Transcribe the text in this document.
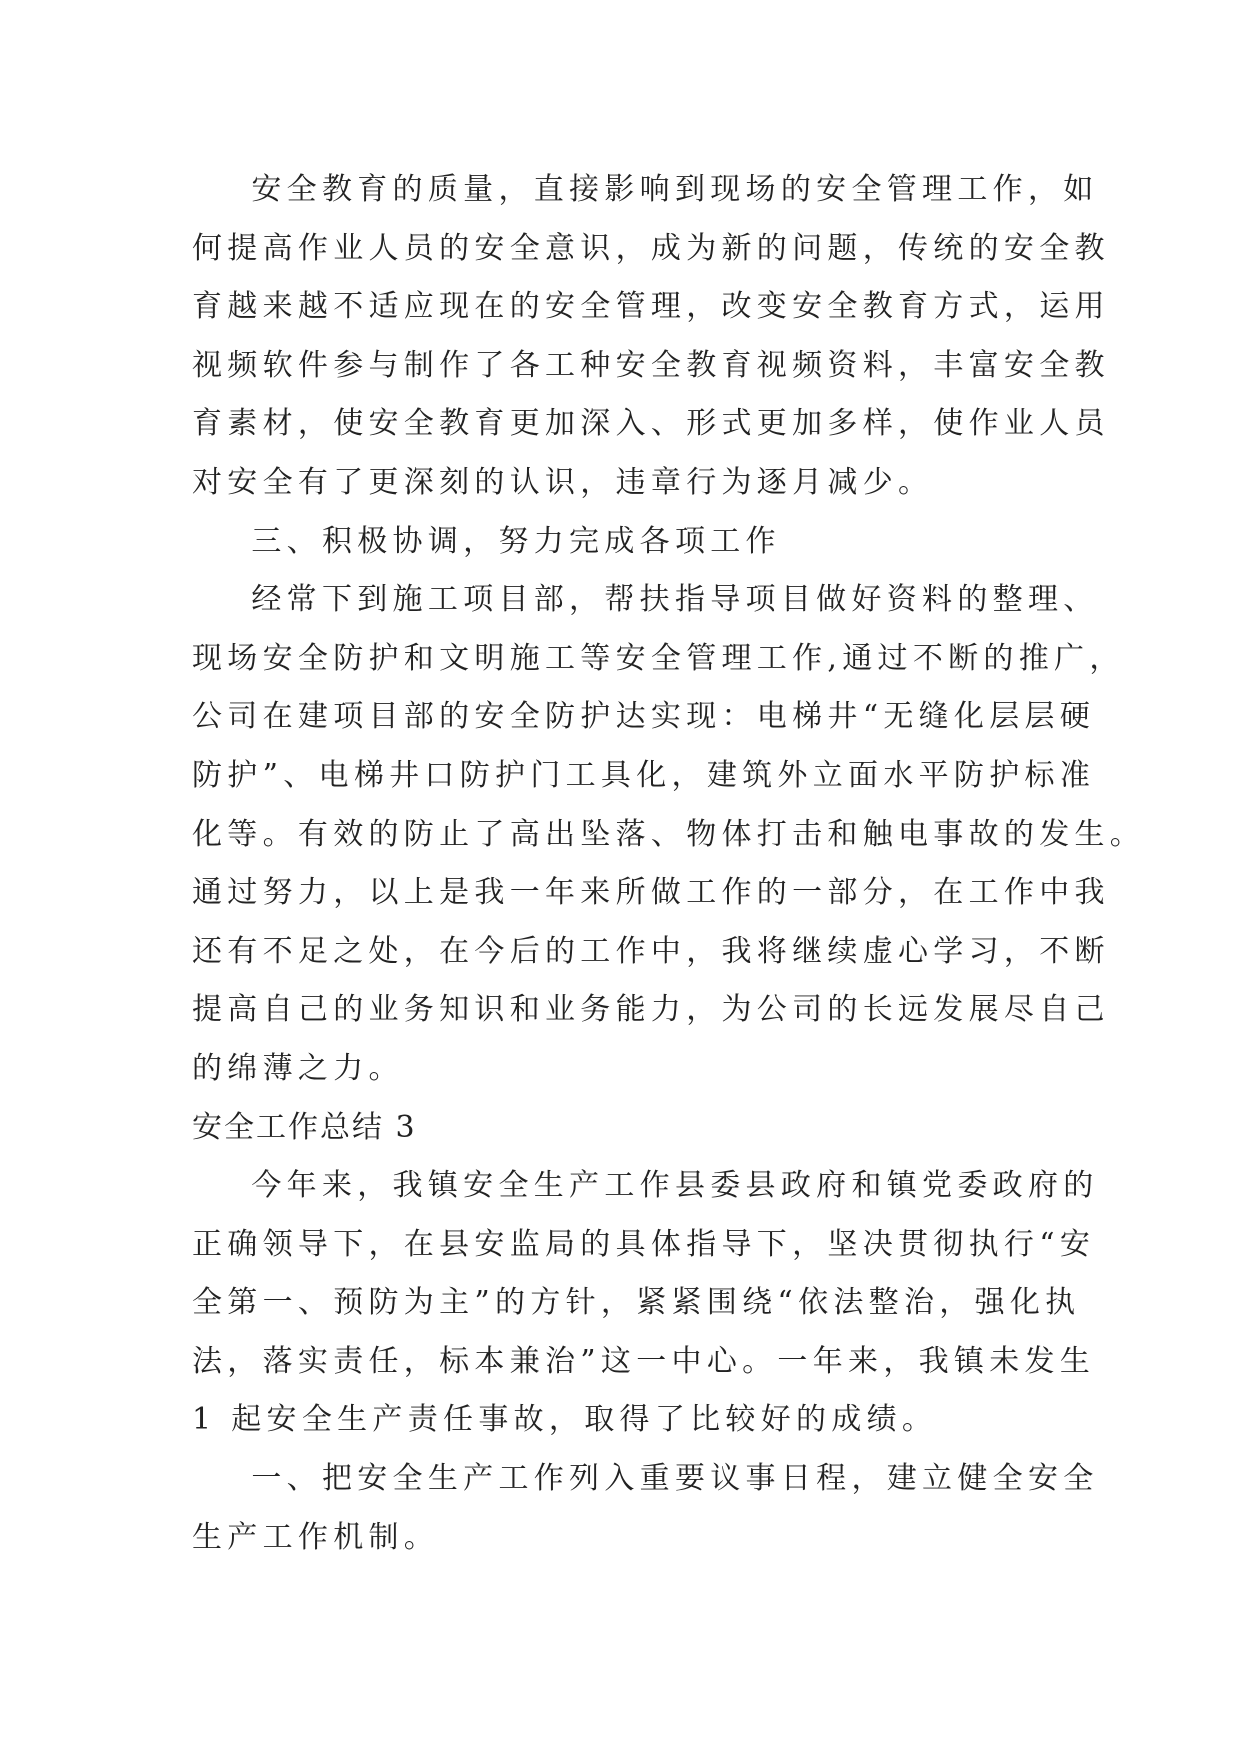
安全教育的质量，直接影响到现场的安全管理工作，如
何提高作业人员的安全意识，成为新的问题，传统的安全教
育越来越不适应现在的安全管理，改变安全教育方式，运用
视频软件参与制作了各工种安全教育视频资料，丰富安全教
育素材，使安全教育更加深入、形式更加多样，使作业人员
对安全有了更深刻的认识，违章行为逐月减少。
三、积极协调，努力完成各项工作
经常下到施工项目部，帮扶指导项目做好资料的整理、
现场安全防护和文明施工等安全管理工作,通过不断的推广，
公司在建项目部的安全防护达实现：电梯井“无缝化层层硬
防护”、电梯井口防护门工具化，建筑外立面水平防护标准
化等。有效的防止了高出坠落、物体打击和触电事故的发生。
通过努力，以上是我一年来所做工作的一部分，在工作中我
还有不足之处，在今后的工作中，我将继续虚心学习，不断
提高自己的业务知识和业务能力，为公司的长远发展尽自己
的绵薄之力。
安全工作总结 3
今年来，我镇安全生产工作县委县政府和镇党委政府的
正确领导下，在县安监局的具体指导下，坚决贯彻执行“安
全第一、预防为主”的方针，紧紧围绕“依法整治，强化执
法，落实责任，标本兼治”这一中心。一年来，我镇未发生
1 起安全生产责任事故，取得了比较好的成绩。
一、把安全生产工作列入重要议事日程，建立健全安全
生产工作机制。
